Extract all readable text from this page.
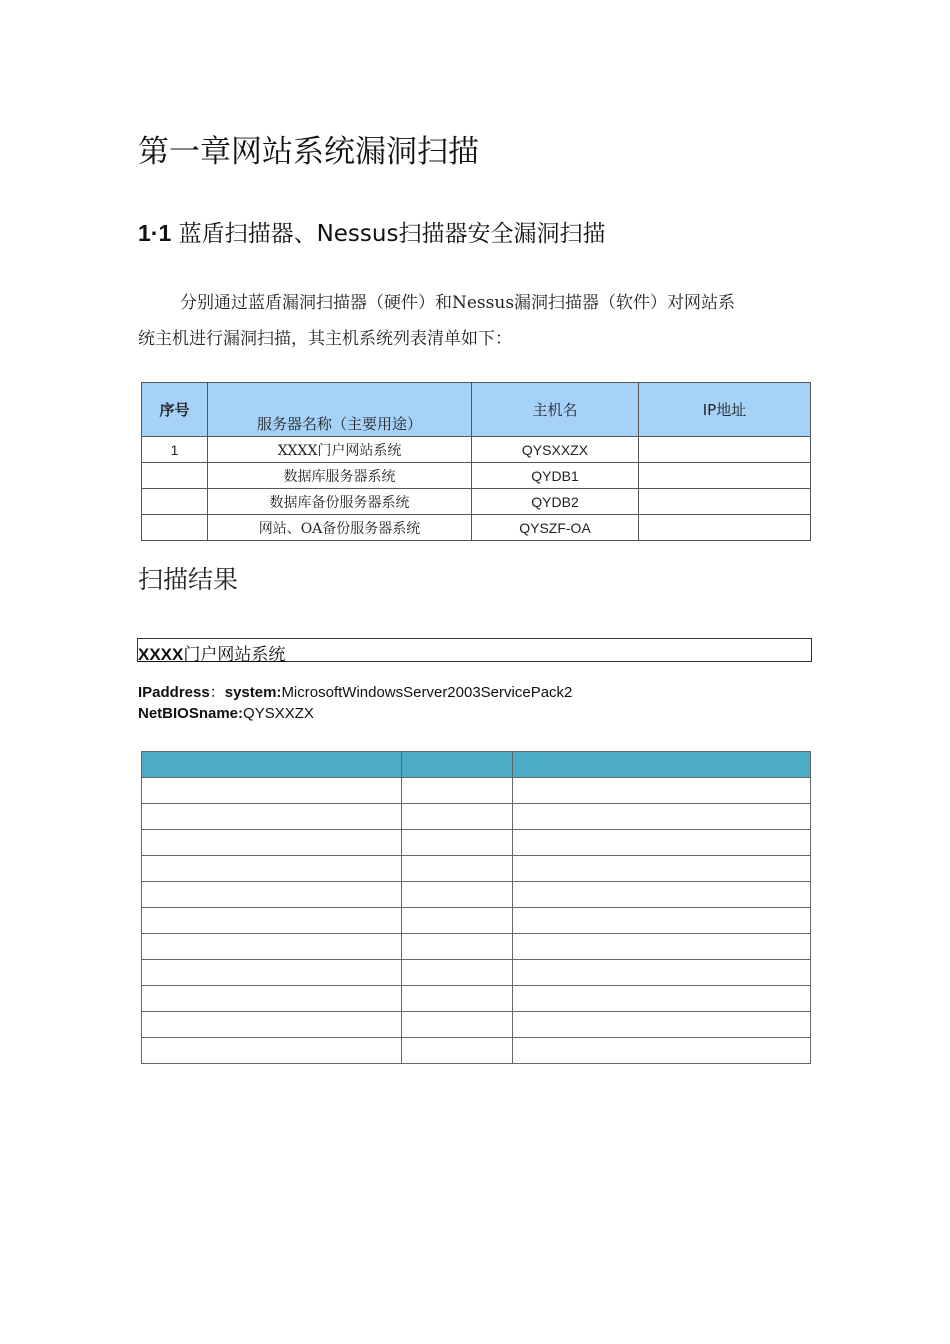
第一章网站系统漏洞扫描
1·1 蓝盾扫描器、Nessus扫描器安全漏洞扫描
分别通过蓝盾漏洞扫描器（硬件）和Nessus漏洞扫描器（软件）对网站系
统主机进行漏洞扫描，其主机系统列表清单如下：
序号	服务器名称（主要用途）	主机名	IP地址
1	XXXX门户网站系统	QYSXXZX	
	数据库服务器系统	QYDB1	
	数据库备份服务器系统	QYDB2	
	网站、OA备份服务器系统	QYSZF-OA	
扫描结果
XXXX门户网站系统
IPaddress：system:MicrosoftWindowsServer2003ServicePack2
NetBIOSname:QYSXXZX
